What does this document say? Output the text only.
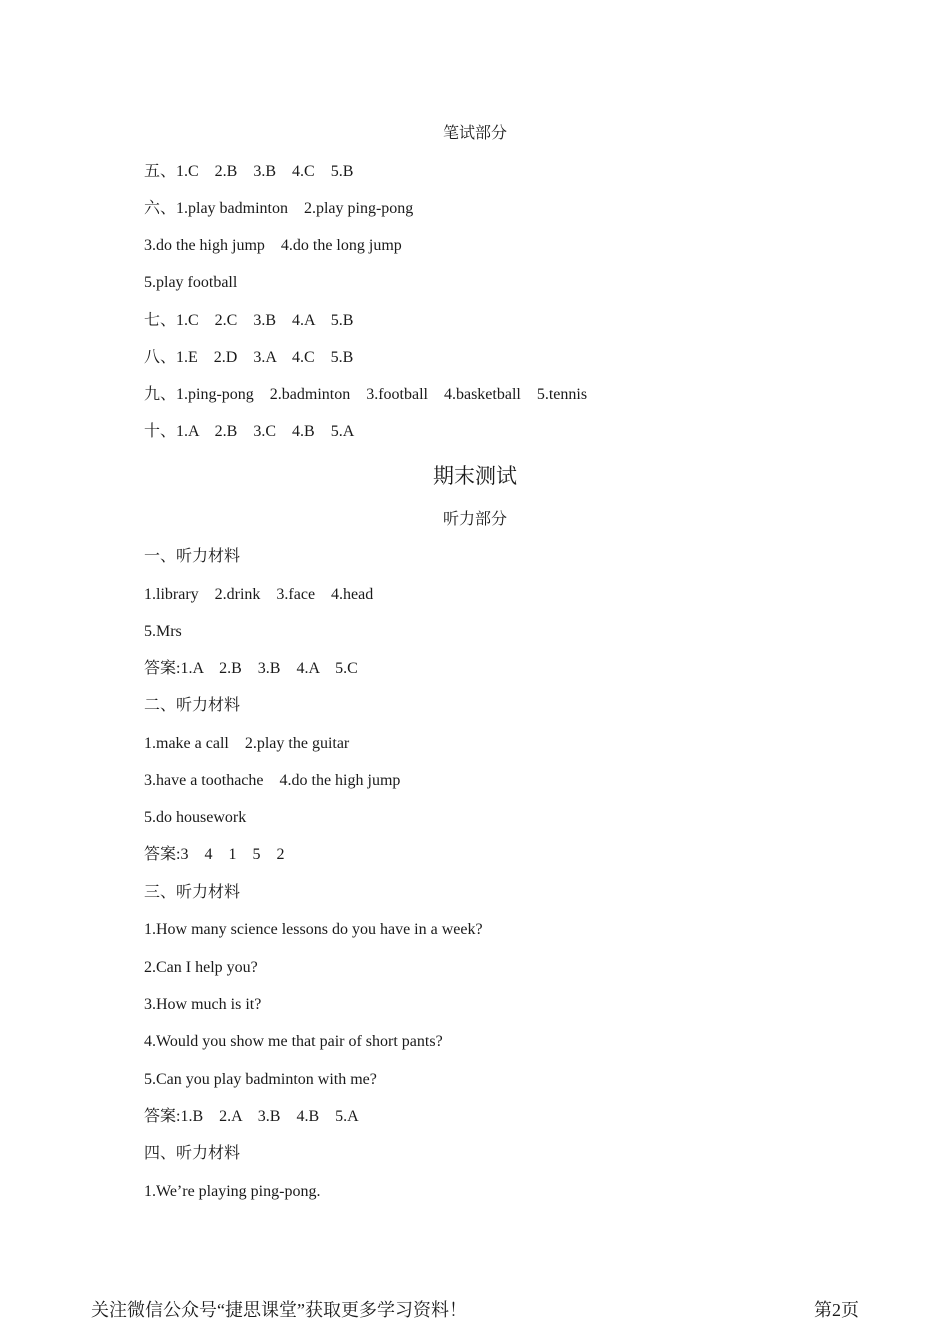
笔试部分
五、1.C    2.B    3.B    4.C    5.B
六、1.play badminton    2.play ping-pong
3.do the high jump    4.do the long jump
5.play football
七、1.C    2.C    3.B    4.A    5.B
八、1.E    2.D    3.A    4.C    5.B
九、1.ping-pong    2.badminton    3.football    4.basketball    5.tennis
十、1.A    2.B    3.C    4.B    5.A
期末测试
听力部分
一、听力材料
1.library    2.drink    3.face    4.head
5.Mrs
答案:1.A    2.B    3.B    4.A    5.C
二、听力材料
1.make a call    2.play the guitar
3.have a toothache    4.do the high jump
5.do housework
答案:3    4    1    5    2
三、听力材料
1.How many science lessons do you have in a week?
2.Can I help you?
3.How much is it?
4.Would you show me that pair of short pants?
5.Can you play badminton with me?
答案:1.B    2.A    3.B    4.B    5.A
四、听力材料
1.We’re playing ping-pong.
关注微信公众号“捷思课堂”获取更多学习资料！	第2页
